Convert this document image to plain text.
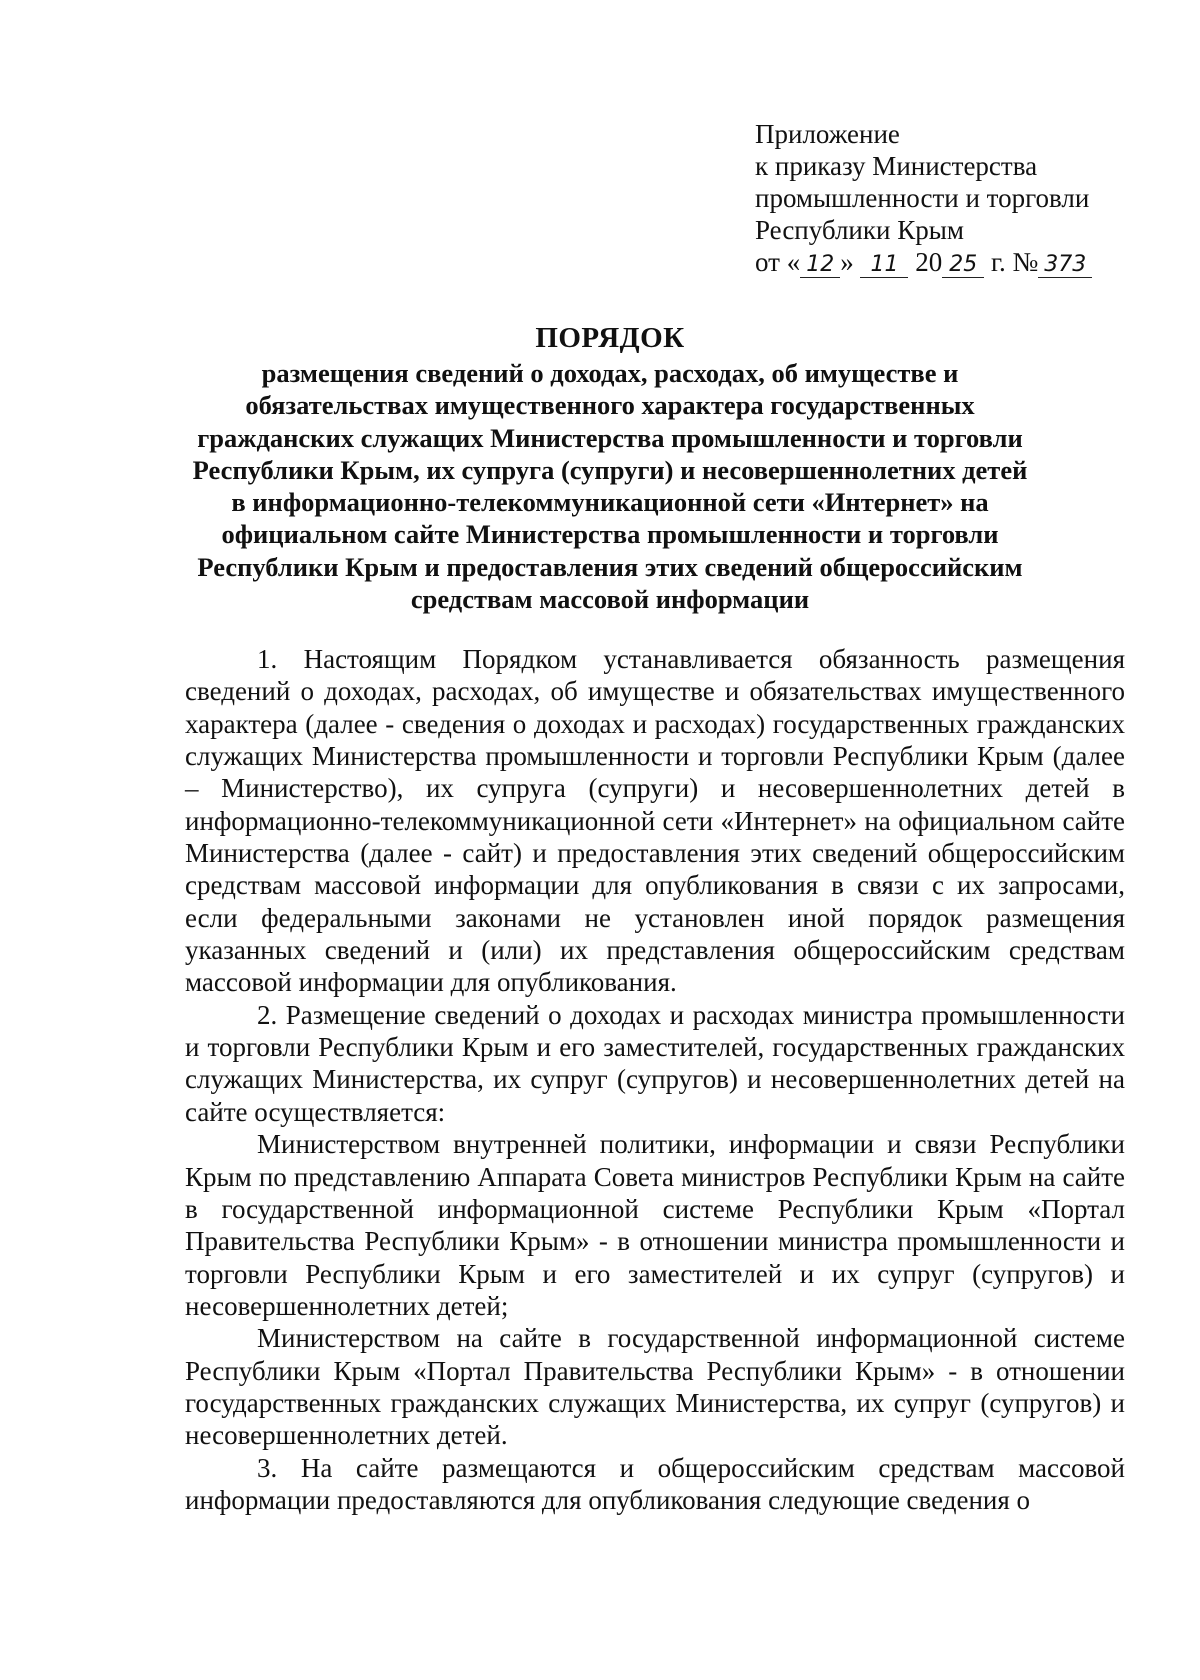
Приложение
к приказу Министерства
промышленности и торговли
Республики Крым
от « 12 » 11 20 25 г. № 373
ПОРЯДОК
размещения сведений о доходах, расходах, об имуществе и обязательствах имущественного характера государственных гражданских служащих Министерства промышленности и торговли Республики Крым, их супруга (супруги) и несовершеннолетних детей в информационно-телекоммуникационной сети «Интернет» на официальном сайте Министерства промышленности и торговли Республики Крым и предоставления этих сведений общероссийским средствам массовой информации

1. Настоящим Порядком устанавливается обязанность размещения сведений о доходах, расходах, об имуществе и обязательствах имущественного характера (далее - сведения о доходах и расходах) государственных гражданских служащих Министерства промышленности и торговли Республики Крым (далее – Министерство), их супруга (супруги) и несовершеннолетних детей в информационно-телекоммуникационной сети «Интернет» на официальном сайте Министерства (далее - сайт) и предоставления этих сведений общероссийским средствам массовой информации для опубликования в связи с их запросами, если федеральными законами не установлен иной порядок размещения указанных сведений и (или) их представления общероссийским средствам массовой информации для опубликования.

2. Размещение сведений о доходах и расходах министра промышленности и торговли Республики Крым и его заместителей, государственных гражданских служащих Министерства, их супруг (супругов) и несовершеннолетних детей на сайте осуществляется:

Министерством внутренней политики, информации и связи Республики Крым по представлению Аппарата Совета министров Республики Крым на сайте в государственной информационной системе Республики Крым «Портал Правительства Республики Крым» - в отношении министра промышленности и торговли Республики Крым и его заместителей и их супруг (супругов) и несовершеннолетних детей;

Министерством на сайте в государственной информационной системе Республики Крым «Портал Правительства Республики Крым» - в отношении государственных гражданских служащих Министерства, их супруг (супругов) и несовершеннолетних детей.

3. На сайте размещаются и общероссийским средствам массовой информации предоставляются для опубликования следующие сведения о
